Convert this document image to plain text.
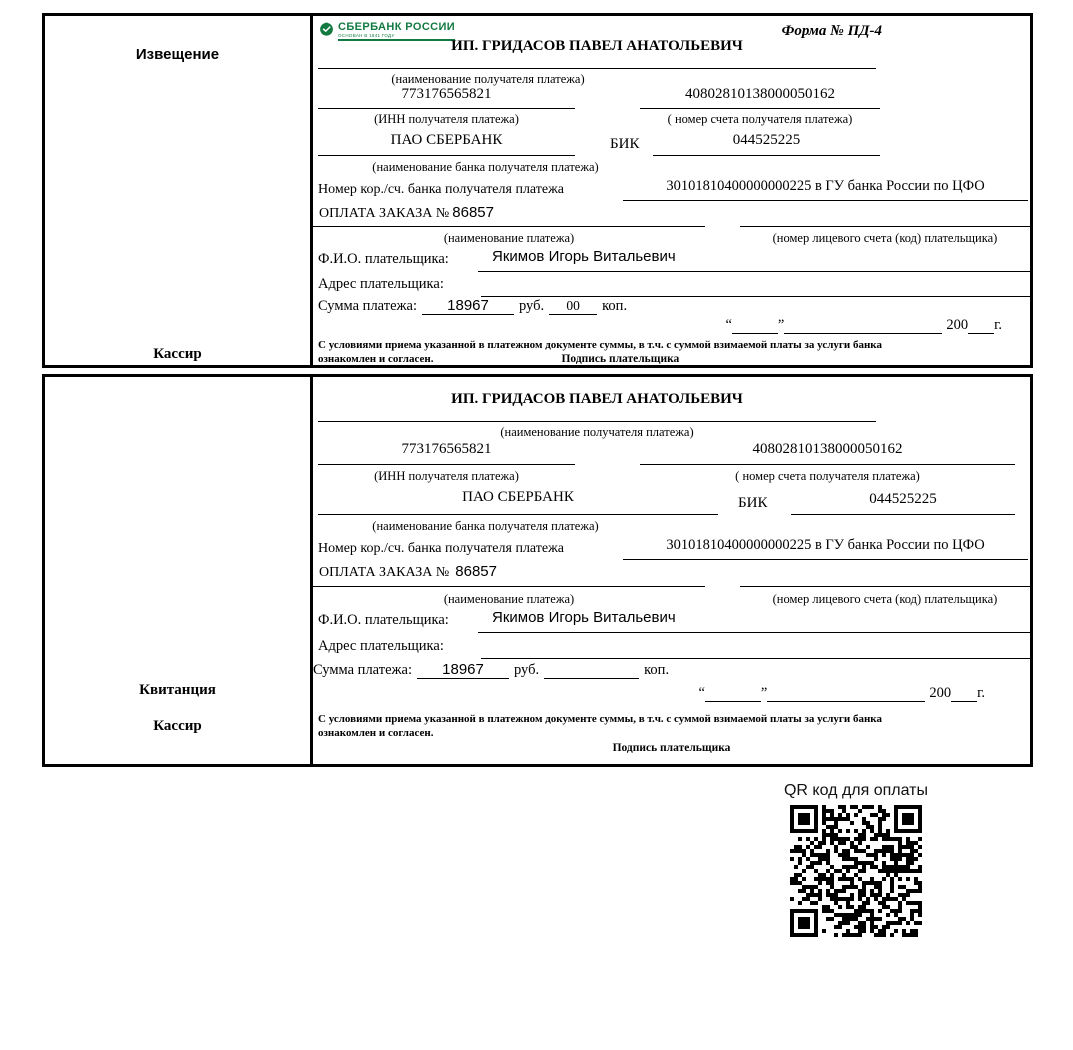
Извещение
Кассир
СБЕРБАНК РОССИИ
ОСНОВАН В 1841 ГОДУ	Форма № ПД-4
ИП. ГРИДАСОВ ПАВЕЛ АНАТОЛЬЕВИЧ
(наименование получателя платежа)
773176565821	40802810138000050162
(ИНН получателя платежа)	( номер счета получателя платежа)
ПАО СБЕРБАНК	БИК	044525225
(наименование банка получателя платежа)
Номер кор./сч. банка получателя платежа	30101810400000000225 в ГУ банка России по ЦФО
ОПЛАТА ЗАКАЗА № 86857
(наименование платежа)	(номер лицевого счета (код) плательщика)
Ф.И.О. плательщика:	Якимов Игорь Витальевич
Адрес плательщика:
Сумма платежа:	18967	руб.	00	коп.
“	”	200 г.
С условиями приема указанной в платежном документе суммы, в т.ч. с суммой взимаемой платы за услуги банка
ознакомлен и согласен.	Подпись плательщика
Квитанция
Кассир
ИП. ГРИДАСОВ ПАВЕЛ АНАТОЛЬЕВИЧ
(наименование получателя платежа)
773176565821	40802810138000050162
(ИНН получателя платежа)	( номер счета получателя платежа)
ПАО СБЕРБАНК	БИК	044525225
(наименование банка получателя платежа)
Номер кор./сч. банка получателя платежа	30101810400000000225 в ГУ банка России по ЦФО
ОПЛАТА ЗАКАЗА № 86857
(наименование платежа)	(номер лицевого счета (код) плательщика)
Ф.И.О. плательщика:	Якимов Игорь Витальевич
Адрес плательщика:
Сумма платежа:	18967	руб.	коп.
“	”	200 г.
С условиями приема указанной в платежном документе суммы, в т.ч. с суммой взимаемой платы за услуги банка
ознакомлен и согласен.
Подпись плательщика
QR код для оплаты
